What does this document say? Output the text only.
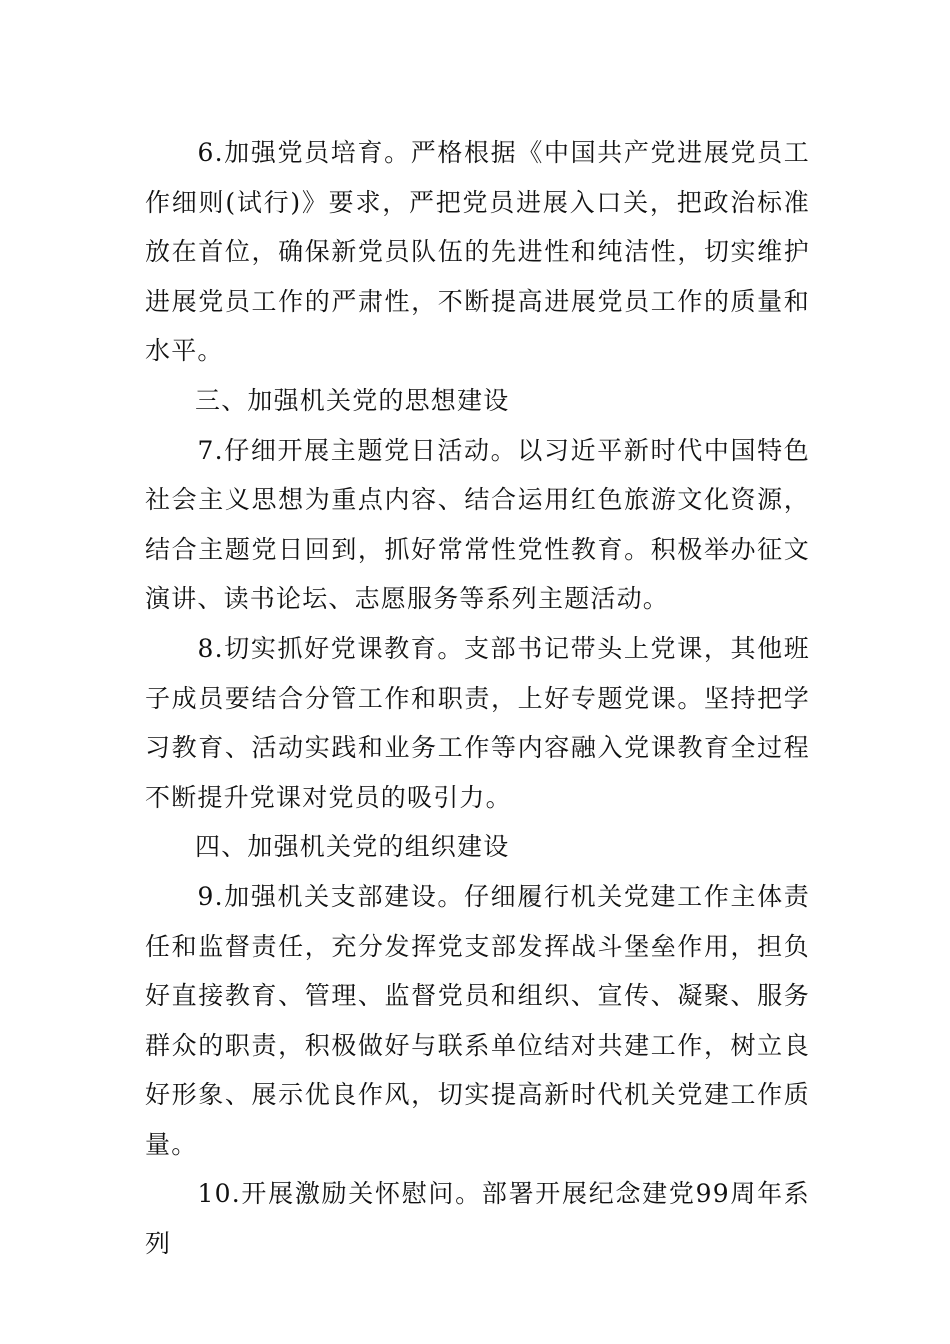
6.加强党员培育。严格根据《中国共产党进展党员工作细则(试行)》要求，严把党员进展入口关，把政治标准放在首位，确保新党员队伍的先进性和纯洁性，切实维护进展党员工作的严肃性，不断提高进展党员工作的质量和水平。

三、加强机关党的思想建设

7.仔细开展主题党日活动。以习近平新时代中国特色社会主义思想为重点内容、结合运用红色旅游文化资源，结合主题党日回到，抓好常常性党性教育。积极举办征文演讲、读书论坛、志愿服务等系列主题活动。

8.切实抓好党课教育。支部书记带头上党课，其他班子成员要结合分管工作和职责，上好专题党课。坚持把学习教育、活动实践和业务工作等内容融入党课教育全过程不断提升党课对党员的吸引力。

四、加强机关党的组织建设

9.加强机关支部建设。仔细履行机关党建工作主体责任和监督责任，充分发挥党支部发挥战斗堡垒作用，担负好直接教育、管理、监督党员和组织、宣传、凝聚、服务群众的职责，积极做好与联系单位结对共建工作，树立良好形象、展示优良作风，切实提高新时代机关党建工作质量。

10.开展激励关怀慰问。部署开展纪念建党99周年系列
